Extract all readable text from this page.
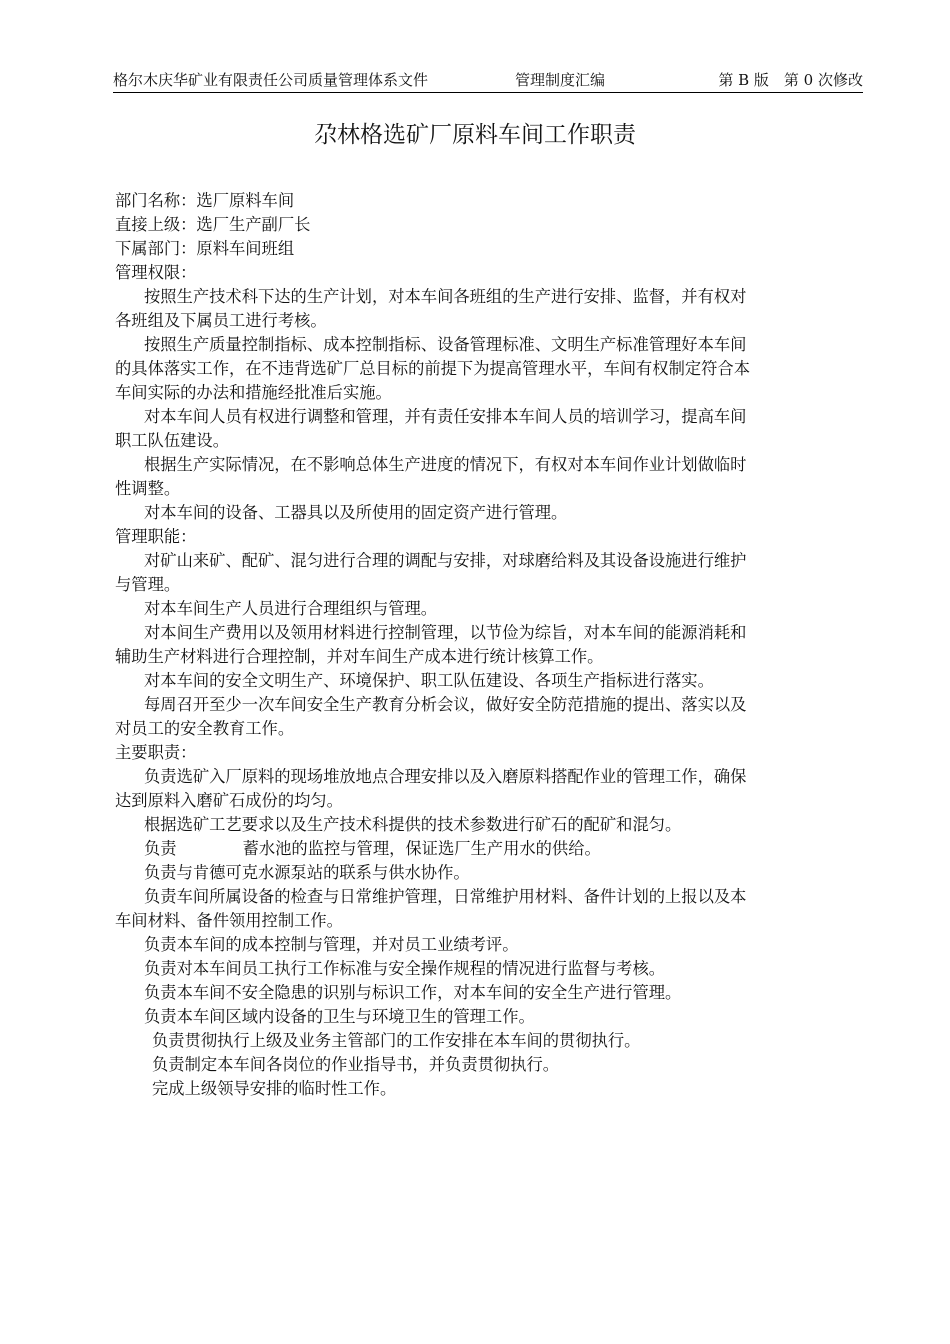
格尔木庆华矿业有限责任公司质量管理体系文件	管理制度汇编	第 B 版　第 0 次修改
尕林格选矿厂原料车间工作职责
部门名称：选厂原料车间
直接上级：选厂生产副厂长
下属部门：原料车间班组
管理权限：
按照生产技术科下达的生产计划，对本车间各班组的生产进行安排、监督，并有权对
各班组及下属员工进行考核。
按照生产质量控制指标、成本控制指标、设备管理标准、文明生产标准管理好本车间
的具体落实工作，在不违背选矿厂总目标的前提下为提高管理水平，车间有权制定符合本
车间实际的办法和措施经批准后实施。
对本车间人员有权进行调整和管理，并有责任安排本车间人员的培训学习，提高车间
职工队伍建设。
根据生产实际情况，在不影响总体生产进度的情况下，有权对本车间作业计划做临时
性调整。
对本车间的设备、工器具以及所使用的固定资产进行管理。
管理职能：
对矿山来矿、配矿、混匀进行合理的调配与安排，对球磨给料及其设备设施进行维护
与管理。
对本车间生产人员进行合理组织与管理。
对本间生产费用以及领用材料进行控制管理，以节俭为综旨，对本车间的能源消耗和
辅助生产材料进行合理控制，并对车间生产成本进行统计核算工作。
对本车间的安全文明生产、环境保护、职工队伍建设、各项生产指标进行落实。
每周召开至少一次车间安全生产教育分析会议，做好安全防范措施的提出、落实以及
对员工的安全教育工作。
主要职责：
负责选矿入厂原料的现场堆放地点合理安排以及入磨原料搭配作业的管理工作，确保
达到原料入磨矿石成份的均匀。
根据选矿工艺要求以及生产技术科提供的技术参数进行矿石的配矿和混匀。
负责	蓄水池的监控与管理，保证选厂生产用水的供给。
负责与肯德可克水源泵站的联系与供水协作。
负责车间所属设备的检查与日常维护管理，日常维护用材料、备件计划的上报以及本
车间材料、备件领用控制工作。
负责本车间的成本控制与管理，并对员工业绩考评。
负责对本车间员工执行工作标准与安全操作规程的情况进行监督与考核。
负责本车间不安全隐患的识别与标识工作，对本车间的安全生产进行管理。
负责本车间区域内设备的卫生与环境卫生的管理工作。
负责贯彻执行上级及业务主管部门的工作安排在本车间的贯彻执行。
负责制定本车间各岗位的作业指导书，并负责贯彻执行。
完成上级领导安排的临时性工作。
